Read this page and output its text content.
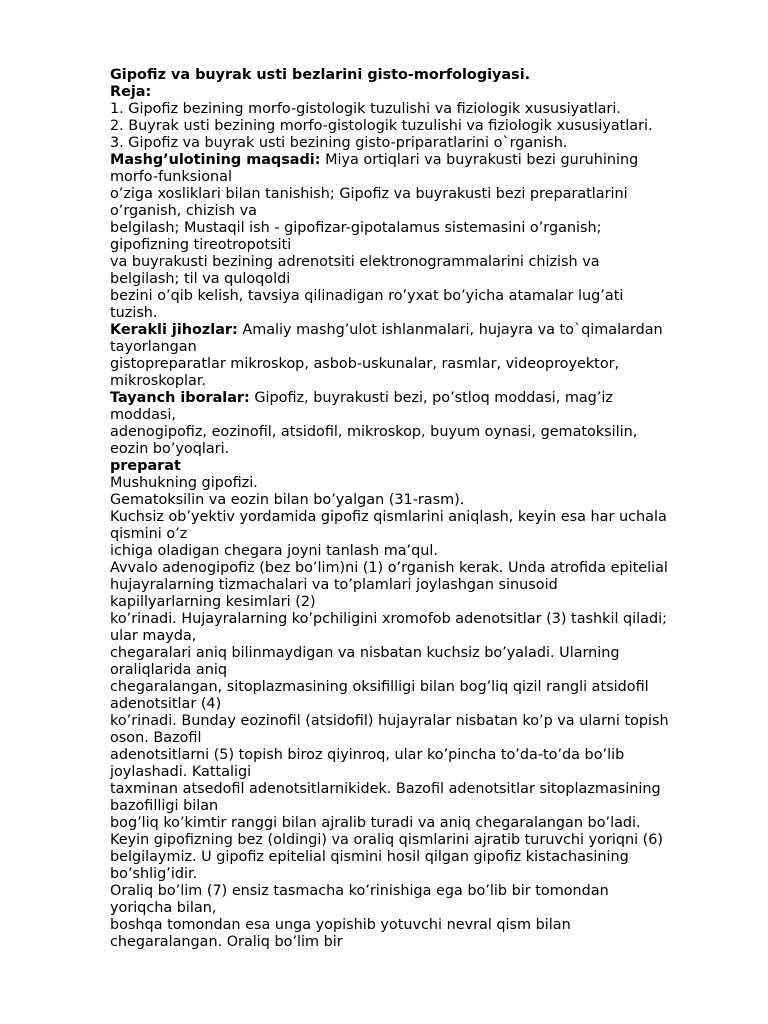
Gipofiz va buyrak usti bezlarini gisto-morfologiyasi.
Reja:
1. Gipofiz bezining morfo-gistologik tuzulishi va fiziologik xususiyatlari.
2. Buyrak usti bezining morfo-gistologik tuzulishi va fiziologik xususiyatlari.
3. Gipofiz va buyrak usti bezining gisto-priparatlarini o`rganish.
Mashg’ulotining maqsadi: Miya ortiqlari va buyrakusti bezi guruhining
morfo-funksional
o’ziga xosliklari bilan tanishish; Gipofiz va buyrakusti bezi preparatlarini
o’rganish, chizish va
belgilash; Mustaqil ish - gipofizar-gipotalamus sistemasini o’rganish;
gipofizning tireotropotsiti
va buyrakusti bezining adrenotsiti elektronogrammalarini chizish va
belgilash; til va quloqoldi
bezini o’qib kelish, tavsiya qilinadigan ro’yxat bo’yicha atamalar lug’ati
tuzish.
Kerakli jihozlar: Amaliy mashg’ulot ishlanmalari, hujayra va to`qimalardan
tayorlangan
gistopreparatlar mikroskop, asbob-uskunalar, rasmlar, videoproyektor,
mikroskoplar.
Tayanch iboralar: Gipofiz, buyrakusti bezi, po’stloq moddasi, mag’iz
moddasi,
adenogipofiz, eozinofil, atsidofil, mikroskop, buyum oynasi, gematoksilin,
eozin bo’yoqlari.
preparat
Mushukning gipofizi.
Gematoksilin va eozin bilan bo’yalgan (31-rasm).
Kuchsiz ob’yektiv yordamida gipofiz qismlarini aniqlash, keyin esa har uchala
qismini o’z
ichiga oladigan chegara joyni tanlash ma’qul.
Avvalo adenogipofiz (bez bo’lim)ni (1) o’rganish kerak. Unda atrofida epitelial
hujayralarning tizmachalari va to’plamlari joylashgan sinusoid
kapillyarlarning kesimlari (2)
ko’rinadi. Hujayralarning ko’pchiligini xromofob adenotsitlar (3) tashkil qiladi;
ular mayda,
chegaralari aniq bilinmaydigan va nisbatan kuchsiz bo’yaladi. Ularning
oraliqlarida aniq
chegaralangan, sitoplazmasining oksifilligi bilan bog’liq qizil rangli atsidofil
adenotsitlar (4)
ko’rinadi. Bunday eozinofil (atsidofil) hujayralar nisbatan ko’p va ularni topish
oson. Bazofil
adenotsitlarni (5) topish biroz qiyinroq, ular ko’pincha to’da-to’da bo’lib
joylashadi. Kattaligi
taxminan atsedofil adenotsitlarnikidek. Bazofil adenotsitlar sitoplazmasining
bazofilligi bilan
bog’liq ko’kimtir ranggi bilan ajralib turadi va aniq chegaralangan bo’ladi.
Keyin gipofizning bez (oldingi) va oraliq qismlarini ajratib turuvchi yoriqni (6)
belgilaymiz. U gipofiz epitelial qismini hosil qilgan gipofiz kistachasining
bo’shlig’idir.
Oraliq bo’lim (7) ensiz tasmacha ko’rinishiga ega bo’lib bir tomondan
yoriqcha bilan,
boshqa tomondan esa unga yopishib yotuvchi nevral qism bilan
chegaralangan. Oraliq bo’lim bir
